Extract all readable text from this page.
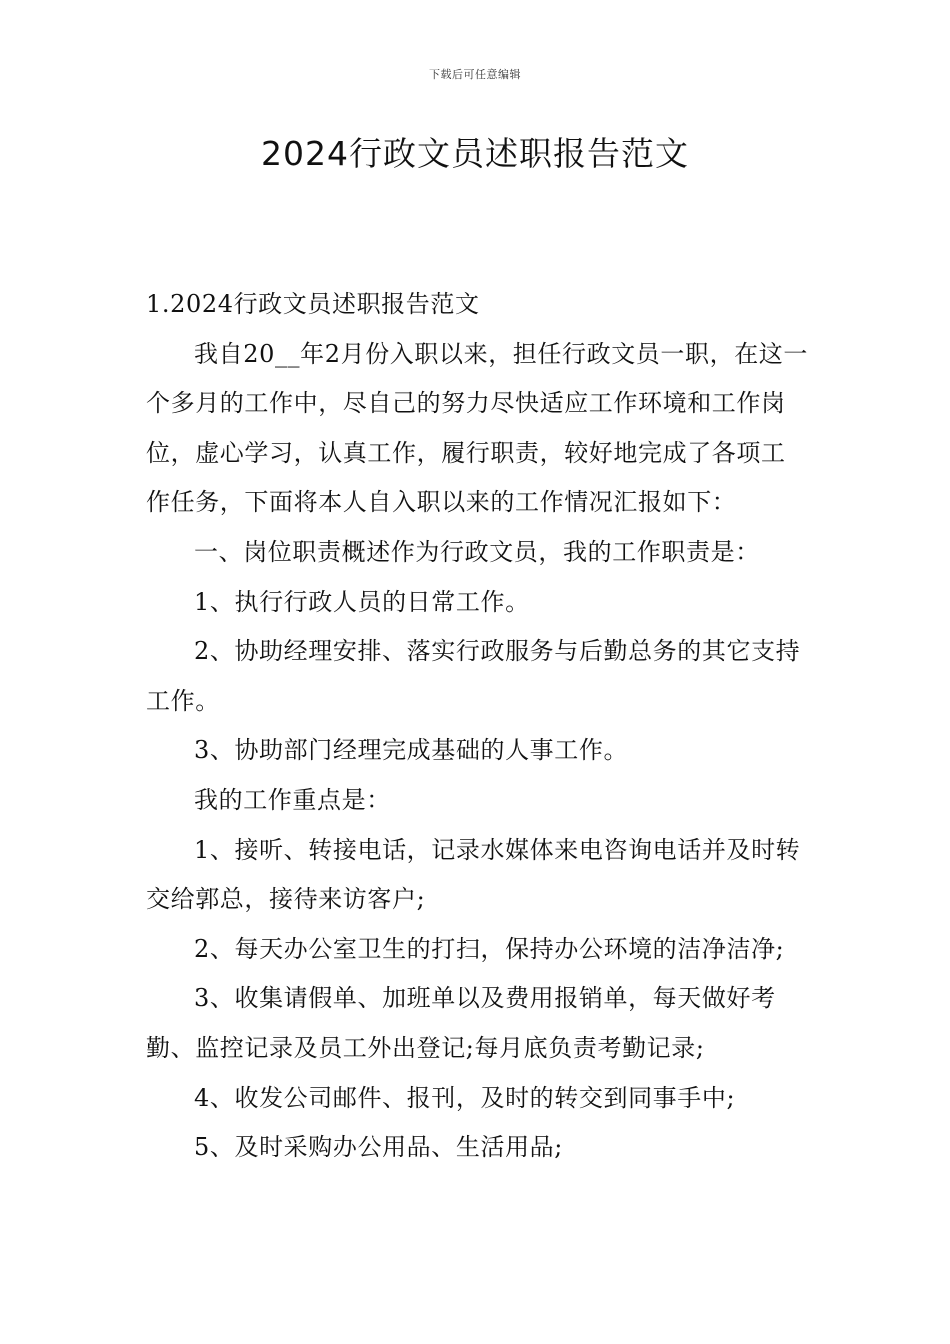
下载后可任意编辑
2024行政文员述职报告范文

1.2024行政文员述职报告范文

我自20__年2月份入职以来，担任行政文员一职，在这一个多月的工作中，尽自己的努力尽快适应工作环境和工作岗位，虚心学习，认真工作，履行职责，较好地完成了各项工作任务，下面将本人自入职以来的工作情况汇报如下：

一、岗位职责概述作为行政文员，我的工作职责是：

1、执行行政人员的日常工作。

2、协助经理安排、落实行政服务与后勤总务的其它支持工作。

3、协助部门经理完成基础的人事工作。

我的工作重点是：

1、接听、转接电话，记录水媒体来电咨询电话并及时转交给郭总，接待来访客户;

2、每天办公室卫生的打扫，保持办公环境的洁净洁净;

3、收集请假单、加班单以及费用报销单，每天做好考勤、监控记录及员工外出登记;每月底负责考勤记录;

4、收发公司邮件、报刊，及时的转交到同事手中;

5、及时采购办公用品、生活用品;
